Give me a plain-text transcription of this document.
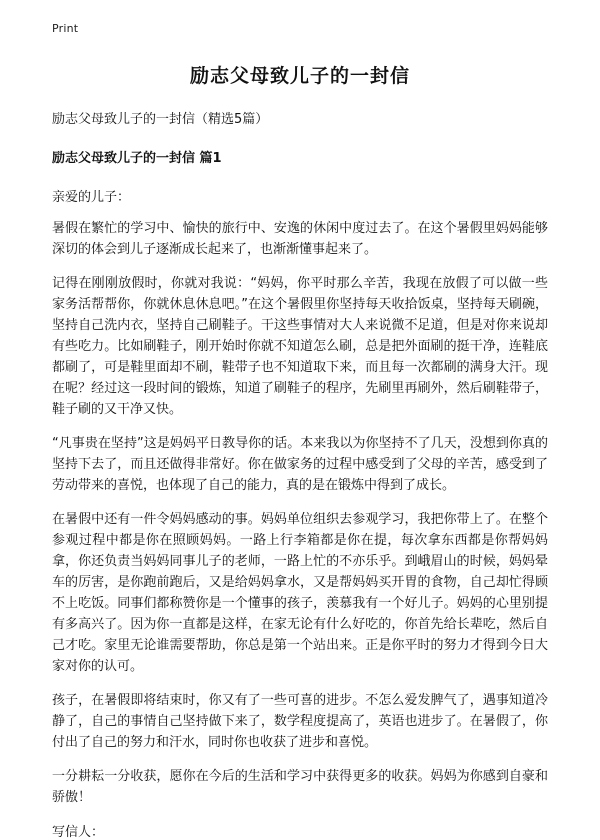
Print
励志父母致儿子的一封信
励志父母致儿子的一封信（精选5篇）
励志父母致儿子的一封信 篇1
亲爱的儿子：

暑假在繁忙的学习中、愉快的旅行中、安逸的休闲中度过去了。在这个暑假里妈妈能够深切的体会到儿子逐渐成长起来了，也渐渐懂事起来了。

记得在刚刚放假时，你就对我说：“妈妈，你平时那么辛苦，我现在放假了可以做一些家务活帮帮你，你就休息休息吧。”在这个暑假里你坚持每天收拾饭桌，坚持每天刷碗，坚持自己洗内衣，坚持自己刷鞋子。干这些事情对大人来说微不足道，但是对你来说却有些吃力。比如刷鞋子，刚开始时你就不知道怎么刷，总是把外面刷的挺干净，连鞋底都刷了，可是鞋里面却不刷，鞋带子也不知道取下来，而且每一次都刷的满身大汗。现在呢？经过这一段时间的锻炼，知道了刷鞋子的程序，先刷里再刷外，然后刷鞋带子，鞋子刷的又干净又快。

“凡事贵在坚持”这是妈妈平日教导你的话。本来我以为你坚持不了几天，没想到你真的坚持下去了，而且还做得非常好。你在做家务的过程中感受到了父母的辛苦，感受到了劳动带来的喜悦，也体现了自己的能力，真的是在锻炼中得到了成长。

在暑假中还有一件令妈妈感动的事。妈妈单位组织去参观学习，我把你带上了。在整个参观过程中都是你在照顾妈妈。一路上行李箱都是你在提，每次拿东西都是你帮妈妈拿，你还负责当妈妈同事儿子的老师，一路上忙的不亦乐乎。到峨眉山的时候，妈妈晕车的厉害，是你跑前跑后，又是给妈妈拿水，又是帮妈妈买开胃的食物，自己却忙得顾不上吃饭。同事们都称赞你是一个懂事的孩子，羡慕我有一个好儿子。妈妈的心里别提有多高兴了。因为你一直都是这样，在家无论有什么好吃的，你首先给长辈吃，然后自己才吃。家里无论谁需要帮助，你总是第一个站出来。正是你平时的努力才得到今日大家对你的认可。

孩子，在暑假即将结束时，你又有了一些可喜的进步。不怎么爱发脾气了，遇事知道冷静了，自己的事情自己坚持做下来了，数学程度提高了，英语也进步了。在暑假了，你付出了自己的努力和汗水，同时你也收获了进步和喜悦。

一分耕耘一分收获，愿你在今后的生活和学习中获得更多的收获。妈妈为你感到自豪和骄傲！

写信人：
